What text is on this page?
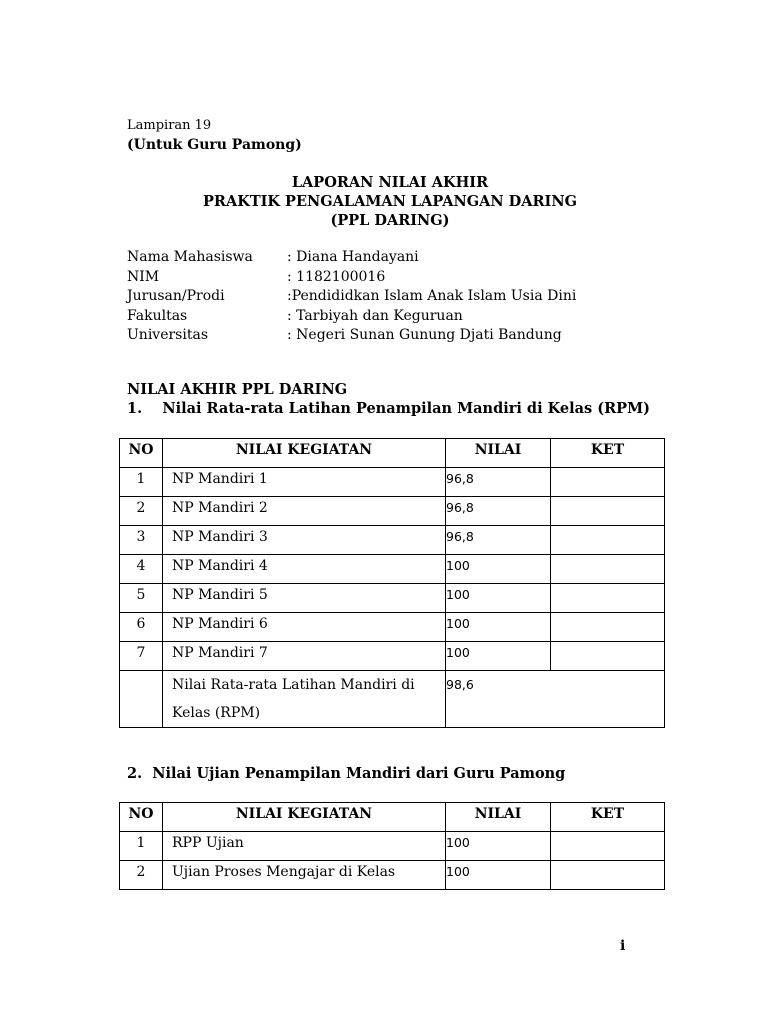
Lampiran 19
(Untuk Guru Pamong)
LAPORAN NILAI AKHIR
PRAKTIK PENGALAMAN LAPANGAN DARING
(PPL DARING)
Nama Mahasiswa : Diana Handayani
NIM	: 1182100016
Jurusan/Prodi	:Pendididkan Islam Anak Islam Usia Dini
Fakultas	: Tarbiyah dan Keguruan
Universitas	: Negeri Sunan Gunung Djati Bandung
NILAI AKHIR PPL DARING
1.    Nilai Rata-rata Latihan Penampilan Mandiri di Kelas (RPM)
NO	NILAI KEGIATAN	NILAI	KET
1	NP Mandiri 1	96,8	
2	NP Mandiri 2	96,8	
3	NP Mandiri 3	96,8	
4	NP Mandiri 4	100	
5	NP Mandiri 5	100	
6	NP Mandiri 6	100	
7	NP Mandiri 7	100	

	Nilai Rata-rata Latihan Mandiri di
Kelas (RPM)	98,6	
2.  Nilai Ujian Penampilan Mandiri dari Guru Pamong
NO	NILAI KEGIATAN	NILAI	KET
1	RPP Ujian	100	
2	Ujian Proses Mengajar di Kelas	100	
i
